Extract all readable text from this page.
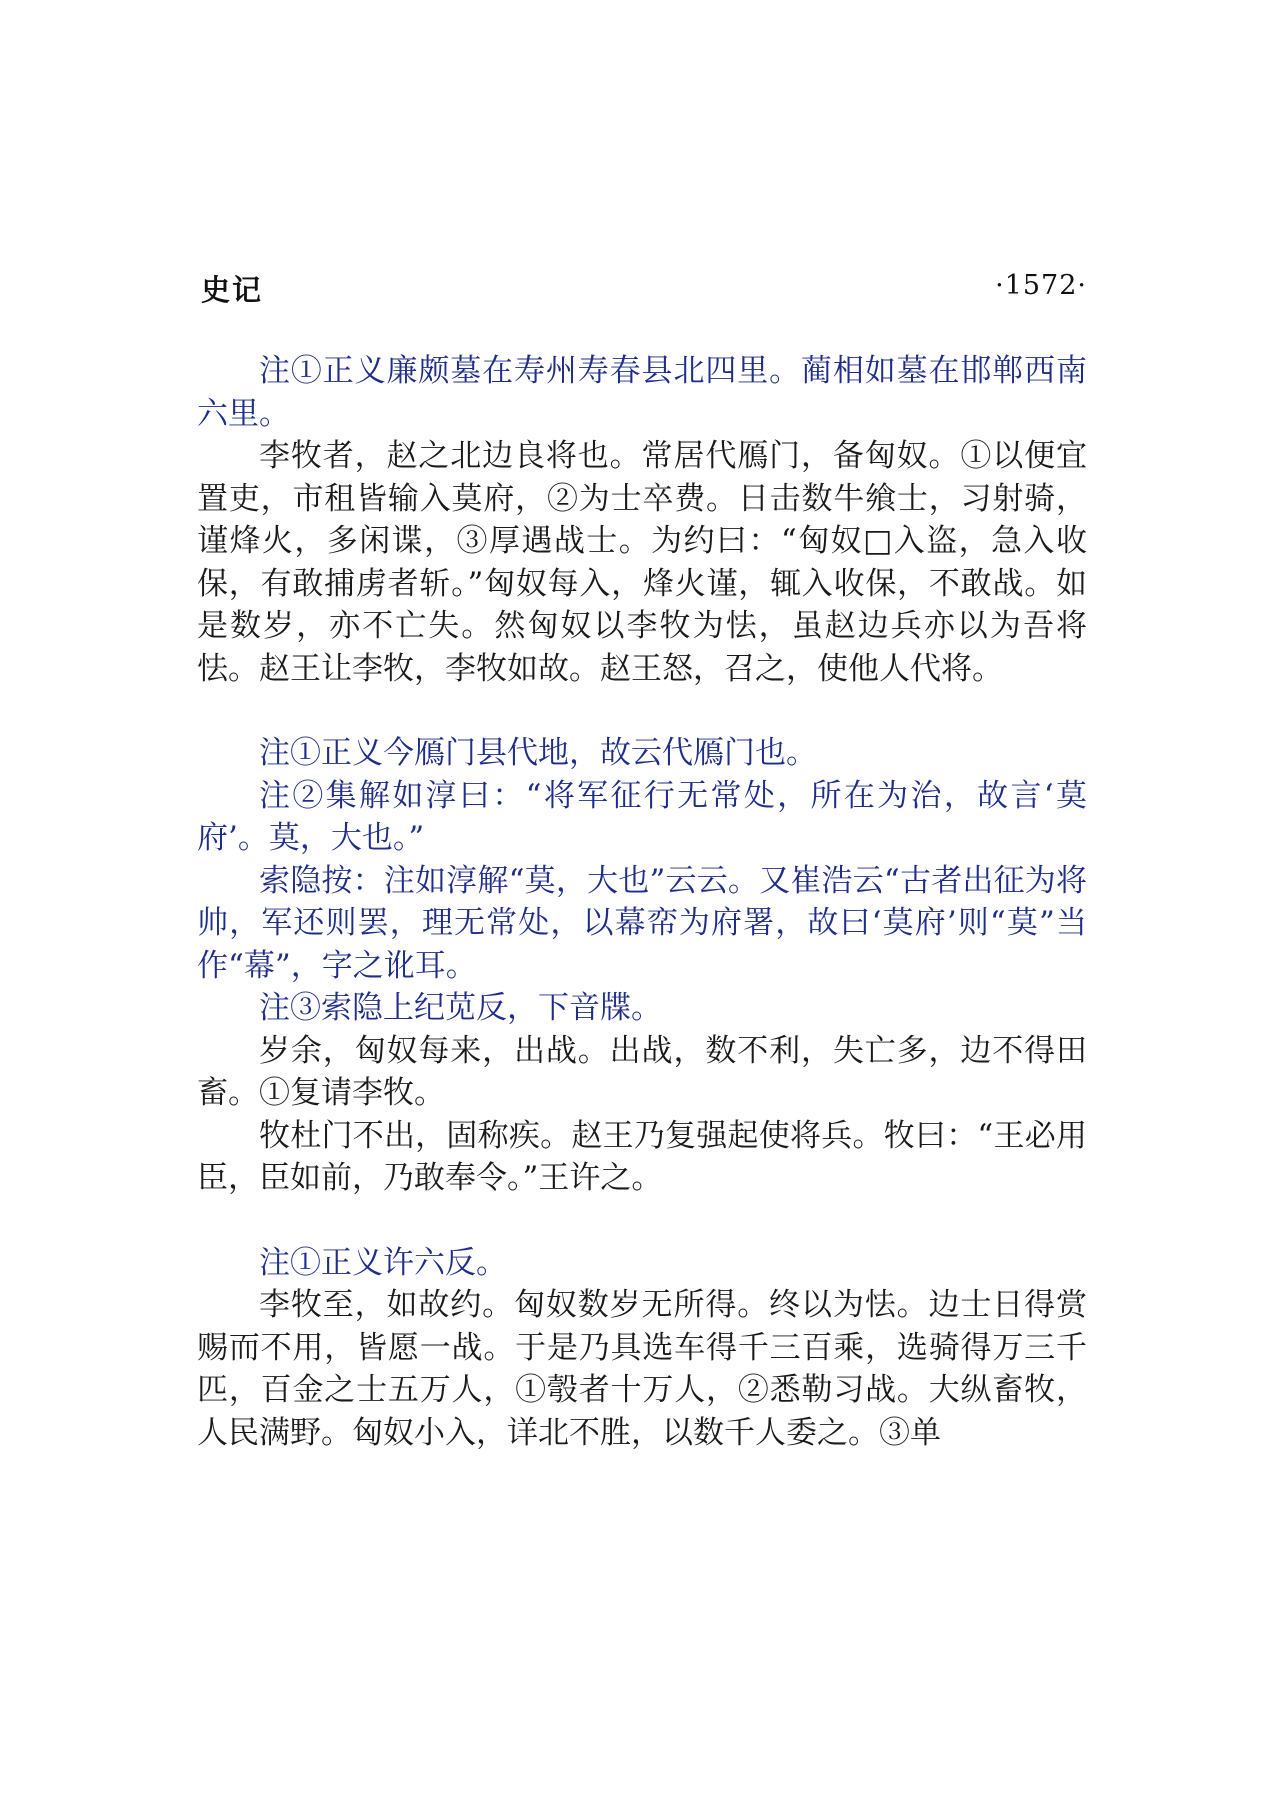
史记	·1572·

注①正义廉颇墓在寿州寿春县北四里。蔺相如墓在邯郸西南六里。

李牧者，赵之北边良将也。常居代鴈门，备匈奴。①以便宜置吏，市租皆输入莫府，②为士卒费。日击数牛飨士，习射骑，谨烽火，多闲谍，③厚遇战士。为约曰：“匈奴□入盗，急入收保，有敢捕虏者斩。”匈奴每入，烽火谨，辄入收保，不敢战。如是数岁，亦不亡失。然匈奴以李牧为怯，虽赵边兵亦以为吾将怯。赵王让李牧，李牧如故。赵王怒，召之，使他人代将。

注①正义今鴈门县代地，故云代鴈门也。

注②集解如淳曰：“将军征行无常处，所在为治，故言‘莫府’。莫，大也。”

索隐按：注如淳解“莫，大也”云云。又崔浩云“古者出征为将帅，军还则罢，理无常处，以幕帟为府署，故曰‘莫府’则“莫”当作“幕”，字之讹耳。

注③索隐上纪苋反，下音牒。

岁余，匈奴每来，出战。出战，数不利，失亡多，边不得田畜。①复请李牧。

牧杜门不出，固称疾。赵王乃复强起使将兵。牧曰：“王必用臣，臣如前，乃敢奉令。”王许之。

注①正义许六反。

李牧至，如故约。匈奴数岁无所得。终以为怯。边士日得赏赐而不用，皆愿一战。于是乃具选车得千三百乘，选骑得万三千匹，百金之士五万人，①彀者十万人，②悉勒习战。大纵畜牧，人民满野。匈奴小入，详北不胜，以数千人委之。③单
